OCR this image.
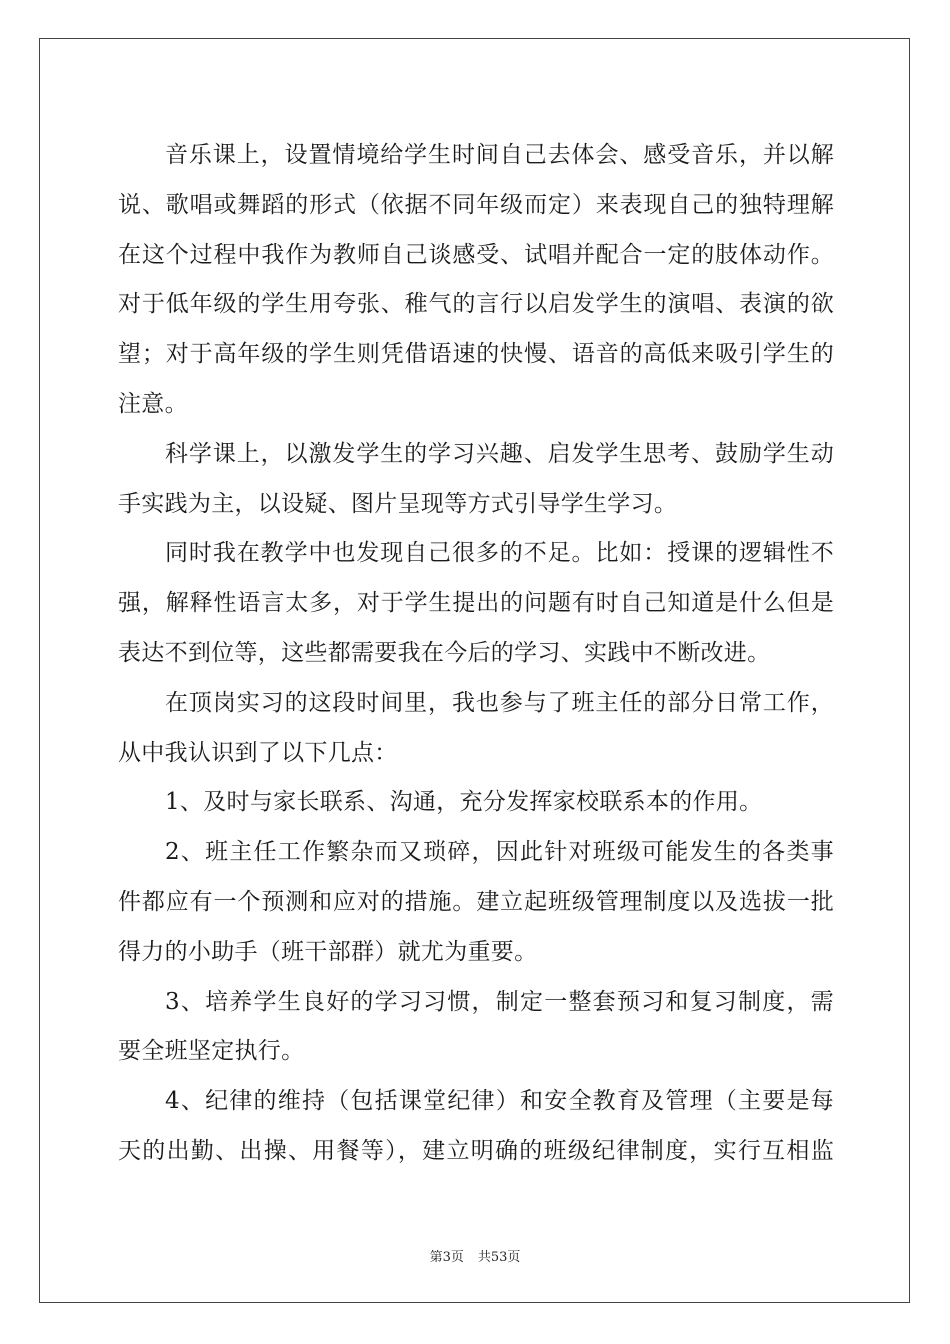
音乐课上，设置情境给学生时间自己去体会、感受音乐，并以解
说、歌唱或舞蹈的形式（依据不同年级而定）来表现自己的独特理解
在这个过程中我作为教师自己谈感受、试唱并配合一定的肢体动作。
对于低年级的学生用夸张、稚气的言行以启发学生的演唱、表演的欲
望；对于高年级的学生则凭借语速的快慢、语音的高低来吸引学生的
注意。
科学课上，以激发学生的学习兴趣、启发学生思考、鼓励学生动
手实践为主，以设疑、图片呈现等方式引导学生学习。
同时我在教学中也发现自己很多的不足。比如：授课的逻辑性不
强，解释性语言太多，对于学生提出的问题有时自己知道是什么但是
表达不到位等，这些都需要我在今后的学习、实践中不断改进。
在顶岗实习的这段时间里，我也参与了班主任的部分日常工作，
从中我认识到了以下几点：
1、及时与家长联系、沟通，充分发挥家校联系本的作用。
2、班主任工作繁杂而又琐碎，因此针对班级可能发生的各类事
件都应有一个预测和应对的措施。建立起班级管理制度以及选拔一批
得力的小助手（班干部群）就尤为重要。
3、培养学生良好的学习习惯，制定一整套预习和复习制度，需
要全班坚定执行。
4、纪律的维持（包括课堂纪律）和安全教育及管理（主要是每
天的出勤、出操、用餐等），建立明确的班级纪律制度，实行互相监
第3页 共53页
